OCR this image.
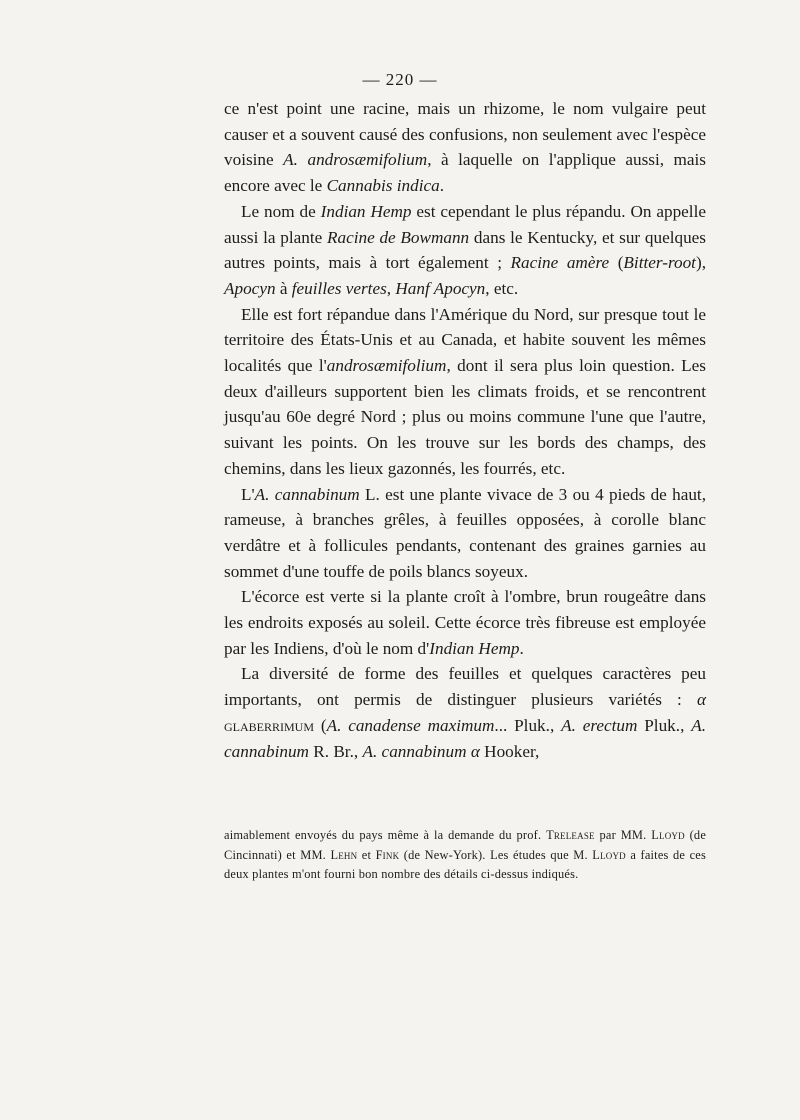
— 220 —

ce n'est point une racine, mais un rhizome, le nom vulgaire peut causer et a souvent causé des confusions, non seulement avec l'espèce voisine A. androsæmifolium, à laquelle on l'applique aussi, mais encore avec le Cannabis indica.

Le nom de Indian Hemp est cependant le plus répandu. On appelle aussi la plante Racine de Bowmann dans le Kentucky, et sur quelques autres points, mais à tort également ; Racine amère (Bitter-root), Apocyn à feuilles vertes, Hanf Apocyn, etc.

Elle est fort répandue dans l'Amérique du Nord, sur presque tout le territoire des États-Unis et au Canada, et habite souvent les mêmes localités que l'androsæmifolium, dont il sera plus loin question. Les deux d'ailleurs supportent bien les climats froids, et se rencontrent jusqu'au 60e degré Nord ; plus ou moins commune l'une que l'autre, suivant les points. On les trouve sur les bords des champs, des chemins, dans les lieux gazonnés, les fourrés, etc.

L'A. cannabinum L. est une plante vivace de 3 ou 4 pieds de haut, rameuse, à branches grêles, à feuilles opposées, à corolle blanc verdâtre et à follicules pendants, contenant des graines garnies au sommet d'une touffe de poils blancs soyeux.

L'écorce est verte si la plante croît à l'ombre, brun rougeâtre dans les endroits exposés au soleil. Cette écorce très fibreuse est employée par les Indiens, d'où le nom d'Indian Hemp.

La diversité de forme des feuilles et quelques caractères peu importants, ont permis de distinguer plusieurs variétés : α glaberrimum (A. canadense maximum... Pluk., A. erectum Pluk., A. cannabinum R. Br., A. cannabinum α Hooker,

aimablement envoyés du pays même à la demande du prof. Trelease par MM. Lloyd (de Cincinnati) et MM. Lehn et Fink (de New-York). Les études que M. Lloyd a faites de ces deux plantes m'ont fourni bon nombre des détails ci-dessus indiqués.
